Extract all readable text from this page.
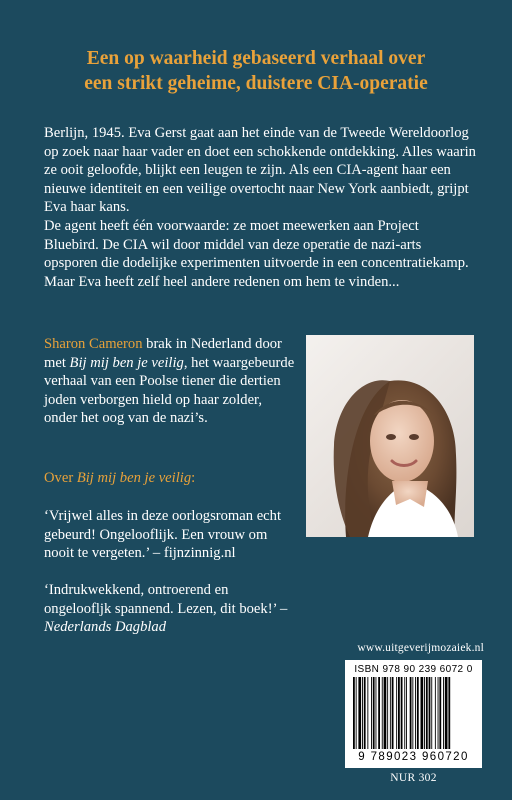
Een op waarheid gebaseerd verhaal over
een strikt geheime, duistere CIA-operatie

Berlijn, 1945. Eva Gerst gaat aan het einde van de Tweede Wereldoorlog op zoek naar haar vader en doet een schokkende ontdekking. Alles waarin ze ooit geloofde, blijkt een leugen te zijn. Als een CIA-agent haar een nieuwe identiteit en een veilige overtocht naar New York aanbiedt, grijpt Eva haar kans.

De agent heeft één voorwaarde: ze moet meewerken aan Project Bluebird. De CIA wil door middel van deze operatie de nazi-arts opsporen die dodelijke experimenten uitvoerde in een concentratiekamp. Maar Eva heeft zelf heel andere redenen om hem te vinden...

Sharon Cameron brak in Nederland door met Bij mij ben je veilig, het waargebeurde verhaal van een Poolse tiener die dertien joden verborgen hield op haar zolder, onder het oog van de nazi’s.
Over Bij mij ben je veilig:
‘Vrijwel alles in deze oorlogsroman echt gebeurd! Ongelooflijk. Een vrouw om nooit te vergeten.’ – fijnzinnig.nl
‘Indrukwekkend, ontroerend en ongeloofljk spannend. Lezen, dit boek!’ – Nederlands Dagblad
www.uitgeverijmozaiek.nl
ISBN 978 90 239 6072 0
9 789023 960720
NUR 302
